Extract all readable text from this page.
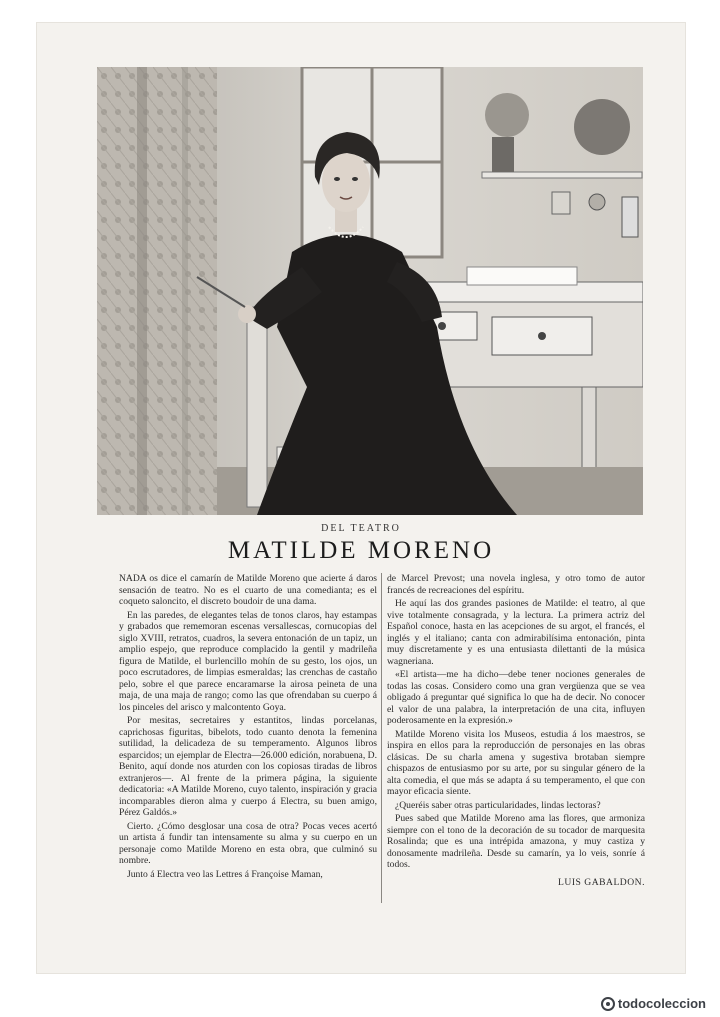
DEL TEATRO
MATILDE MORENO

NADA os dice el camarín de Matilde Moreno que acierte á daros sensación de teatro. No es el cuarto de una comedianta; es el coqueto saloncito, el discreto boudoir de una dama.

En las paredes, de elegantes telas de tonos claros, hay estampas y grabados que rememoran escenas versallescas, cornucopias del siglo XVIII, retratos, cuadros, la severa entonación de un tapiz, un amplio espejo, que reproduce complacido la gentil y madrileña figura de Matilde, el burlencillo mohín de su gesto, los ojos, un poco escrutadores, de limpias esmeraldas; las crenchas de castaño pelo, sobre el que parece encaramarse la airosa peineta de una maja, de una maja de rango; como las que ofrendaban su cuerpo á los pinceles del arisco y malcontento Goya.

Por mesitas, secretaires y estantitos, lindas porcelanas, caprichosas figuritas, bibelots, todo cuanto denota la femenina sutilidad, la delicadeza de su temperamento. Algunos libros esparcidos; un ejemplar de Electra—26.000 edición, norabuena, D. Benito, aquí donde nos aturden con los copiosas tiradas de libros extranjeros—. Al frente de la primera página, la siguiente dedicatoria: «A Matilde Moreno, cuyo talento, inspiración y gracia incomparables dieron alma y cuerpo á Electra, su buen amigo, Pérez Galdós.»

Cierto. ¿Cómo desglosar una cosa de otra? Pocas veces acertó un artista á fundir tan intensamente su alma y su cuerpo en un personaje como Matilde Moreno en esta obra, que culminó su nombre.

Junto á Electra veo las Lettres á Françoise Maman,

de Marcel Prevost; una novela inglesa, y otro tomo de autor francés de recreaciones del espíritu.

He aquí las dos grandes pasiones de Matilde: el teatro, al que vive totalmente consagrada, y la lectura. La primera actriz del Español conoce, hasta en las acepciones de su argot, el francés, el inglés y el italiano; canta con admirabilísima entonación, pinta muy discretamente y es una entusiasta dilettanti de la música wagneriana.

«El artista—me ha dicho—debe tener nociones generales de todas las cosas. Considero como una gran vergüenza que se vea obligado á preguntar qué significa lo que ha de decir. No conocer el valor de una palabra, la interpretación de una cita, influyen poderosamente en la expresión.»

Matilde Moreno visita los Museos, estudia á los maestros, se inspira en ellos para la reproducción de personajes en las obras clásicas. De su charla amena y sugestiva brotaban siempre chispazos de entusiasmo por su arte, por su singular género de la alta comedia, el que más se adapta á su temperamento, el que con mayor eficacia siente.

¿Queréis saber otras particularidades, lindas lectoras?

Pues sabed que Matilde Moreno ama las flores, que armoniza siempre con el tono de la decoración de su tocador de marquesita Rosalinda; que es una intrépida amazona, y muy castiza y donosamente madrileña. Desde su camarín, ya lo veis, sonríe á todos.

LUIS GABALDON.
todocoleccion
